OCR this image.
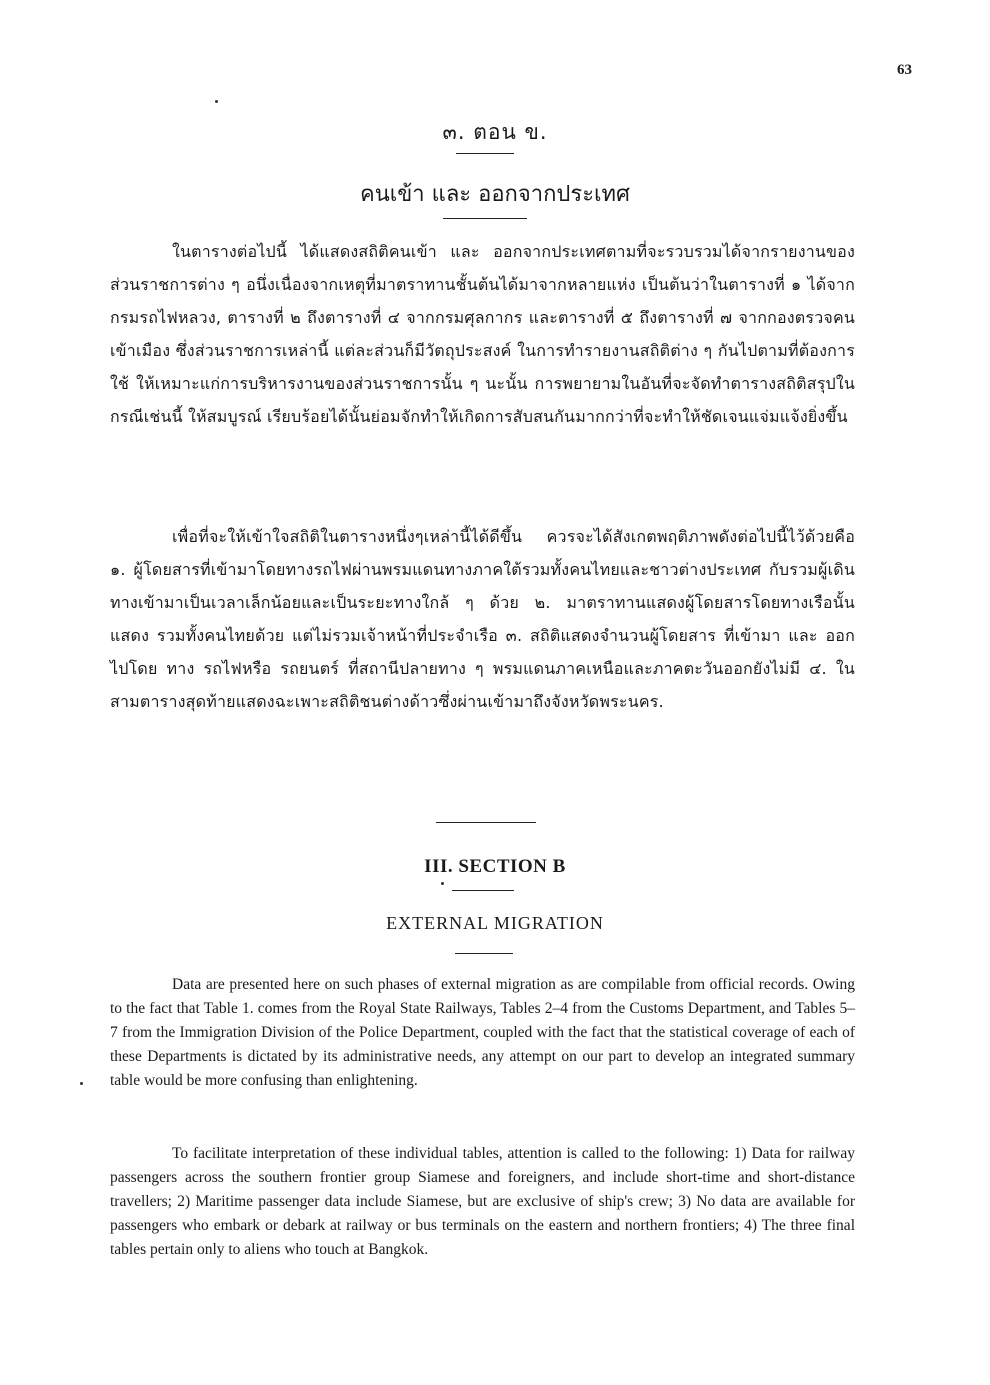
63
๓. ตอน ข.
คนเข้า และ ออกจากประเทศ

ในตารางต่อไปนี้ ได้แสดงสถิติคนเข้า และ ออกจากประเทศตามที่จะรวบรวมได้จากรายงานของส่วนราชการต่าง ๆ อนึ่งเนื่องจากเหตุที่มาตราทานชั้นต้นได้มาจากหลายแห่ง เป็นต้นว่าในตารางที่ ๑ ได้จากกรมรถไฟหลวง, ตารางที่ ๒ ถึงตารางที่ ๔ จากกรมศุลกากร และตารางที่ ๕ ถึงตารางที่ ๗ จากกองตรวจคนเข้าเมือง ซึ่งส่วนราชการเหล่านี้ แต่ละส่วนก็มีวัตถุประสงค์ ในการทำรายงานสถิติต่าง ๆ กันไปตามที่ต้องการใช้ ให้เหมาะแก่การบริหารงานของส่วนราชการนั้น ๆ นะนั้น การพยายามในอันที่จะจัดทำตารางสถิติสรุปในกรณีเช่นนี้ ให้สมบูรณ์ เรียบร้อยได้นั้นย่อมจักทำให้เกิดการสับสนกันมากกว่าที่จะทำให้ชัดเจนแจ่มแจ้งยิ่งขึ้น

เพื่อที่จะให้เข้าใจสถิติในตารางหนึ่งๆเหล่านี้ได้ดีขึ้น ควรจะได้สังเกตพฤติภาพดังต่อไปนี้ไว้ด้วยคือ ๑. ผู้โดยสารที่เข้ามาโดยทางรถไฟผ่านพรมแดนทางภาคใต้รวมทั้งคนไทยและชาวต่างประเทศ กับรวมผู้เดินทางเข้ามาเป็นเวลาเล็กน้อยและเป็นระยะทางใกล้ ๆ ด้วย ๒. มาตราทานแสดงผู้โดยสารโดยทางเรือนั้น แสดง รวมทั้งคนไทยด้วย แต่ไม่รวมเจ้าหน้าที่ประจำเรือ ๓. สถิติแสดงจำนวนผู้โดยสาร ที่เข้ามา และ ออกไปโดย ทาง รถไฟหรือ รถยนตร์ ที่สถานีปลายทาง ๆ พรมแดนภาคเหนือและภาคตะวันออกยังไม่มี ๔. ในสามตารางสุดท้ายแสดงฉะเพาะสถิติชนต่างด้าวซึ่งผ่านเข้ามาถึงจังหวัดพระนคร.

III. SECTION B
EXTERNAL MIGRATION

Data are presented here on such phases of external migration as are compilable from official records. Owing to the fact that Table 1. comes from the Royal State Railways, Tables 2–4 from the Customs Department, and Tables 5–7 from the Immigration Division of the Police Department, coupled with the fact that the statistical coverage of each of these Departments is dictated by its administrative needs, any attempt on our part to develop an integrated summary table would be more confusing than enlightening.

To facilitate interpretation of these individual tables, attention is called to the following: 1) Data for railway passengers across the southern frontier group Siamese and foreigners, and include short-time and short-distance travellers; 2) Maritime passenger data include Siamese, but are exclusive of ship's crew; 3) No data are available for passengers who embark or debark at railway or bus terminals on the eastern and northern frontiers; 4) The three final tables pertain only to aliens who touch at Bangkok.
